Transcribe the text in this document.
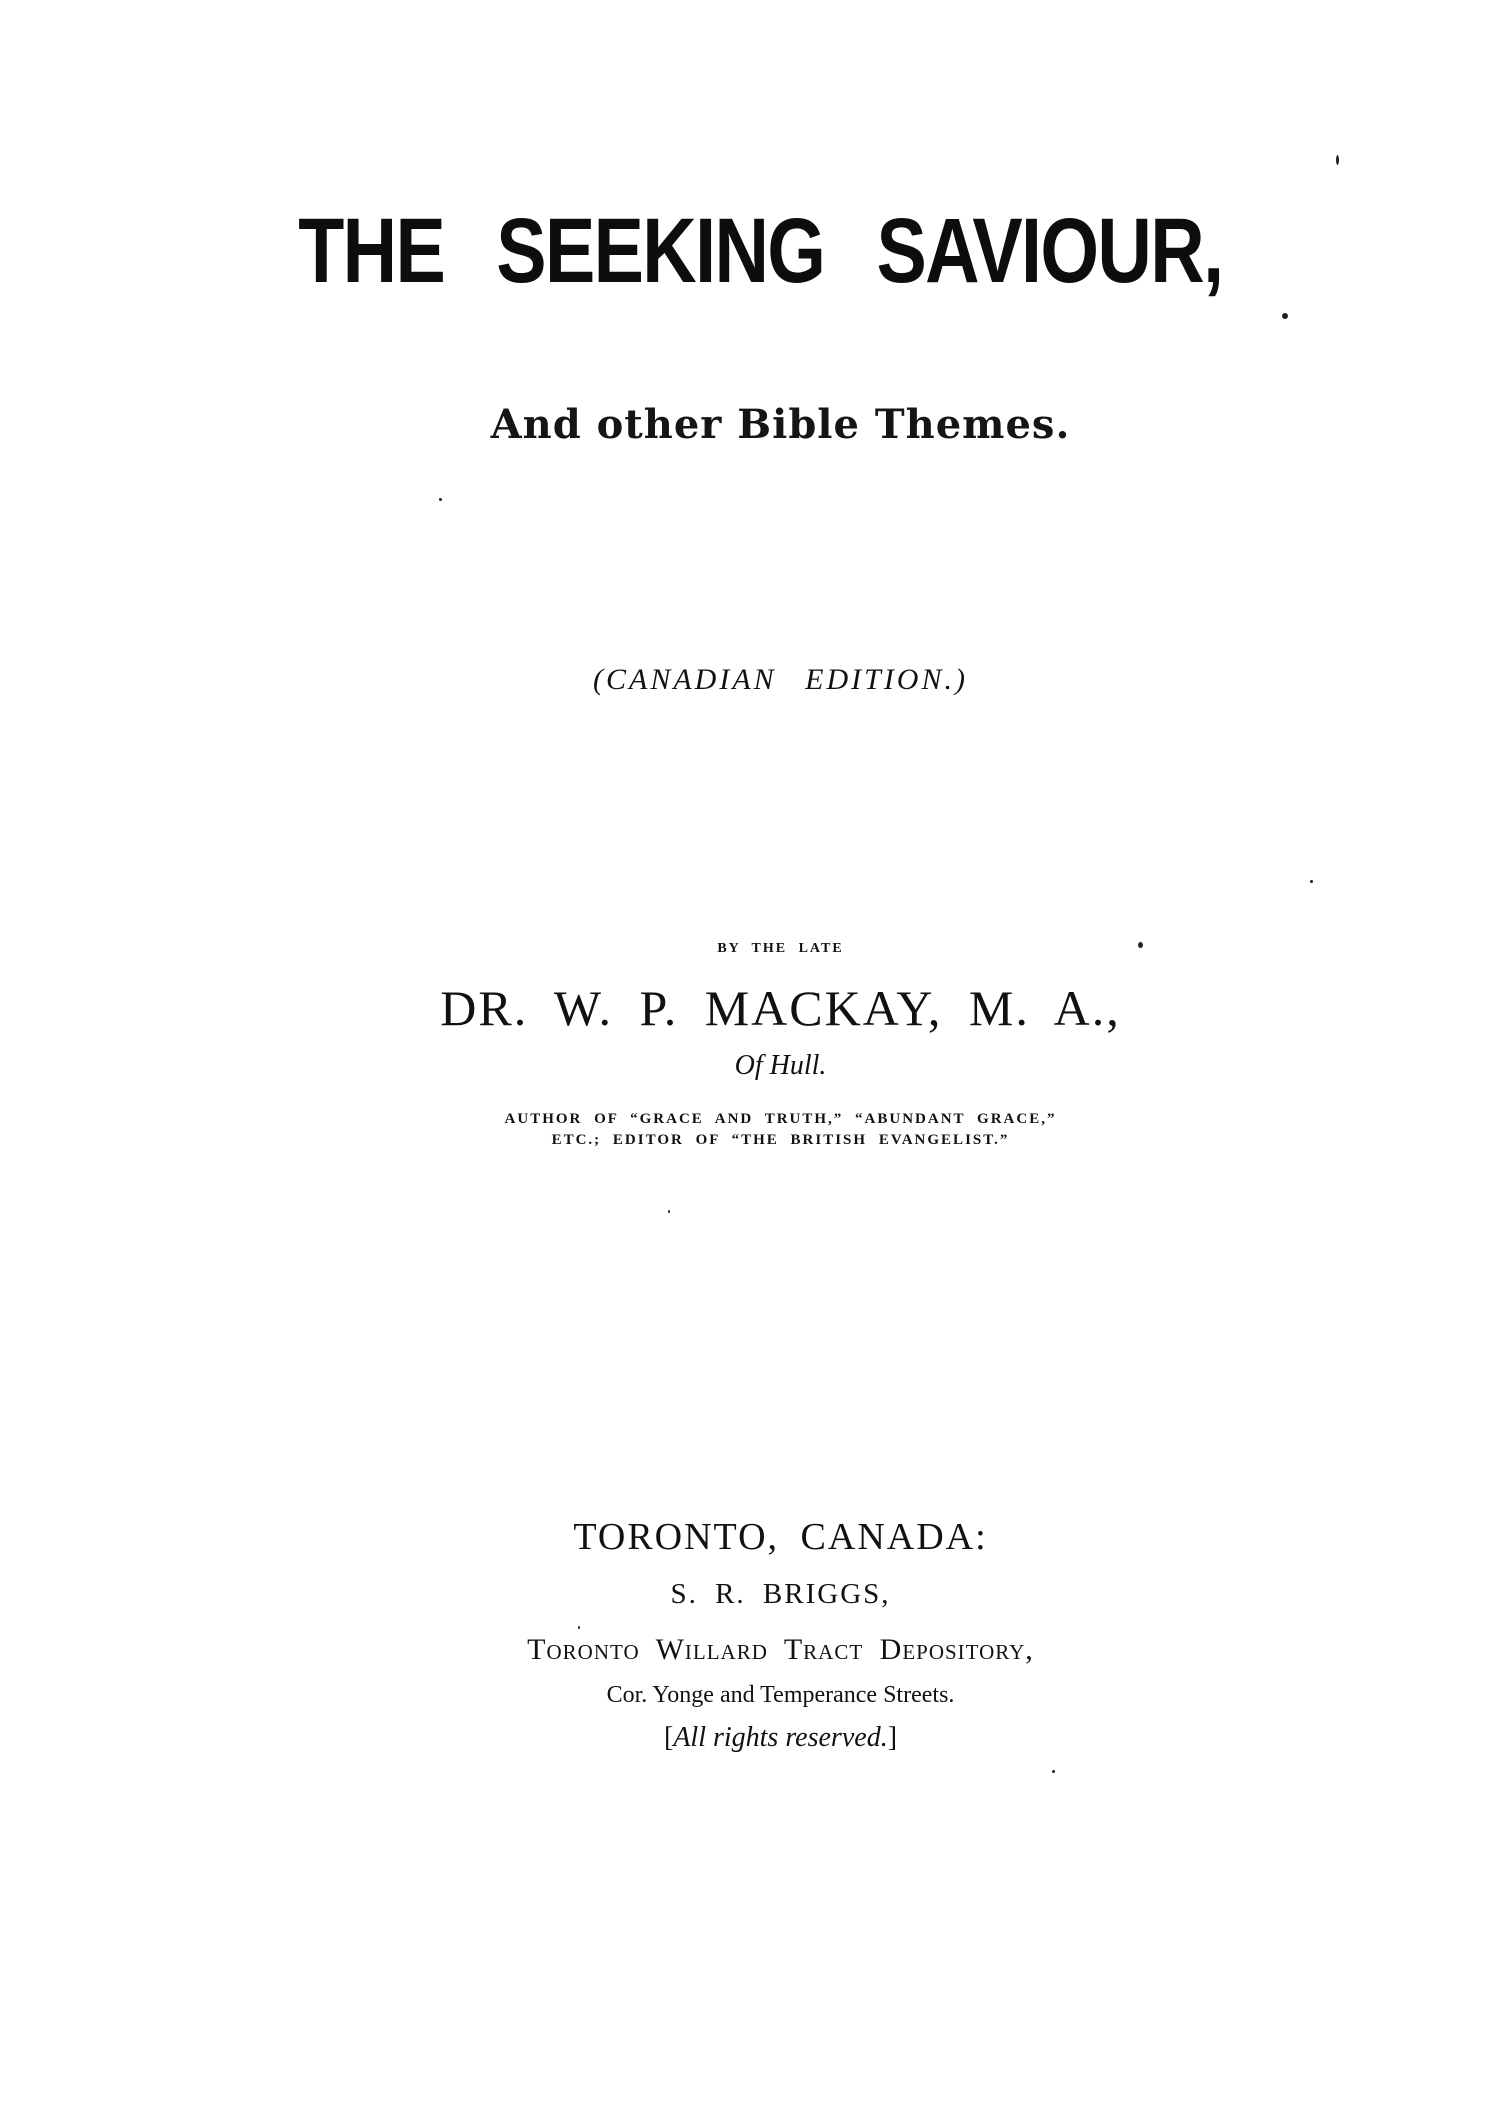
THE SEEKING SAVIOUR,
And other Bible Themes.
(CANADIAN EDITION.)
BY THE LATE
DR. W. P. MACKAY, M. A.,
Of Hull.
AUTHOR OF “GRACE AND TRUTH,” “ABUNDANT GRACE,”
ETC.; EDITOR OF “THE BRITISH EVANGELIST.”
TORONTO, CANADA:
S. R. BRIGGS,
Toronto Willard Tract Depository,
Cor. Yonge and Temperance Streets.
[All rights reserved.]
